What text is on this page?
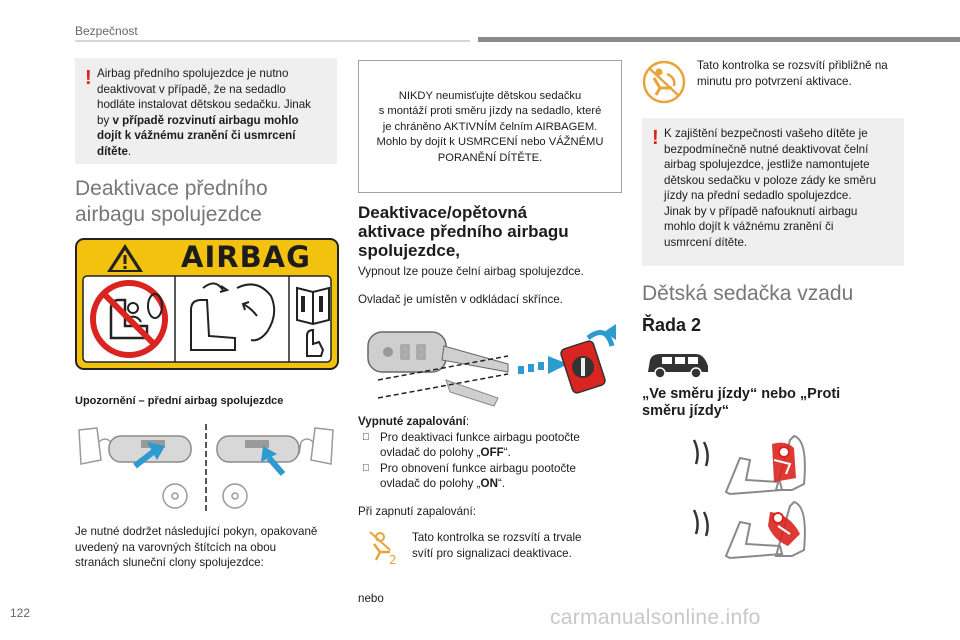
Bezpečnost
! Airbag předního spolujezdce je nutno
deaktivovat v případě, že na sedadlo
hodláte instalovat dětskou sedačku. Jinak
by v případě rozvinutí airbagu mohlo
dojít k vážnému zranění či usmrcení
dítěte.
Deaktivace předního
airbagu spolujezdce
AIRBAG
Upozornění – přední airbag spolujezdce
Je nutné dodržet následující pokyn, opakovaně
uvedený na varovných štítcích na obou
stranách sluneční clony spolujezdce:
NIKDY neumisťujte dětskou sedačku
s montáží proti směru jízdy na sedadlo, které
je chráněno AKTIVNÍM čelním AIRBAGEM.
Mohlo by dojít k USMRCENÍ nebo VÁŽNÉMU
PORANĚNÍ DÍTĚTE.
Deaktivace/opětovná
aktivace předního airbagu
spolujezdce,
Vypnout lze pouze čelní airbag spolujezdce.
Ovladač je umístěn v odkládací skřínce.
Vypnuté zapalování:
Pro deaktivaci funkce airbagu pootočte
ovladač do polohy „OFF“.
Pro obnovení funkce airbagu pootočte
ovladač do polohy „ON“.
Při zapnutí zapalování:
2
Tato kontrolka se rozsvítí a trvale
svítí pro signalizaci deaktivace.
nebo
Tato kontrolka se rozsvítí přibližně na
minutu pro potvrzení aktivace.
! K zajištění bezpečnosti vašeho dítěte je
bezpodmínečně nutné deaktivovat čelní
airbag spolujezdce, jestliže namontujete
dětskou sedačku v poloze zády ke směru
jízdy na přední sedadlo spolujezdce.
Jinak by v případě nafouknutí airbagu
mohlo dojít k vážnému zranění či
usmrcení dítěte.
Dětská sedačka vzadu
Řada 2
„Ve směru jízdy“ nebo „Proti
směru jízdy“
122	carmanualsonline.info
